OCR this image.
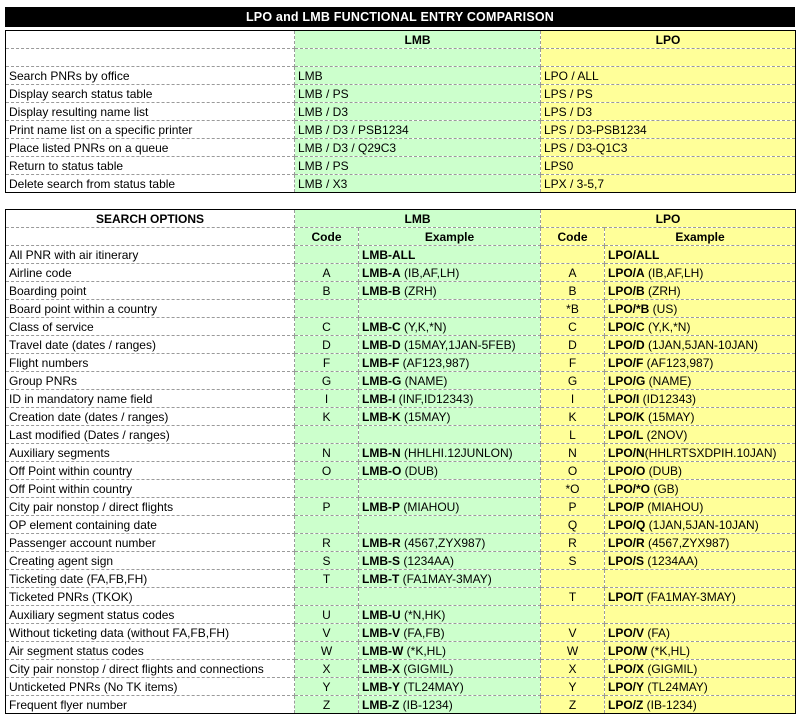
LPO and LMB FUNCTIONAL ENTRY COMPARISON
	LMB	LPO

Search PNRs by office	LMB	LPO / ALL
Display search status table	LMB / PS	LPS / PS
Display resulting name list	LMB / D3	LPS / D3
Print name list on a specific printer	LMB / D3 / PSB1234	LPS / D3-PSB1234
Place listed PNRs on a queue	LMB / D3 / Q29C3	LPS / D3-Q1C3
Return to status table	LMB / PS	LPS0
Delete search from status table	LMB / X3	LPX / 3-5,7
SEARCH OPTIONS	LMB		LPO	
	Code	Example	Code	Example
All PNR with air itinerary		LMB-ALL		LPO/ALL
Airline code	A	LMB-A (IB,AF,LH)	A	LPO/A (IB,AF,LH)
Boarding point	B	LMB-B (ZRH)	B	LPO/B (ZRH)
Board point within a country			*B	LPO/*B (US)
Class of service	C	LMB-C (Y,K,*N)	C	LPO/C (Y,K,*N)
Travel date (dates / ranges)	D	LMB-D (15MAY,1JAN-5FEB)	D	LPO/D (1JAN,5JAN-10JAN)
Flight numbers	F	LMB-F (AF123,987)	F	LPO/F (AF123,987)
Group PNRs	G	LMB-G (NAME)	G	LPO/G (NAME)
ID in mandatory name field	I	LMB-I (INF,ID12343)	I	LPO/I (ID12343)
Creation date (dates / ranges)	K	LMB-K (15MAY)	K	LPO/K (15MAY)
Last modified (Dates / ranges)			L	LPO/L (2NOV)
Auxiliary segments	N	LMB-N (HHLHI.12JUNLON)	N	LPO/N(HHLRTSXDPIH.10JAN)
Off Point within country	O	LMB-O (DUB)	O	LPO/O (DUB)
Off Point within country			*O	LPO/*O (GB)
City pair nonstop / direct flights	P	LMB-P (MIAHOU)	P	LPO/P (MIAHOU)
OP element containing date			Q	LPO/Q (1JAN,5JAN-10JAN)
Passenger account number	R	LMB-R (4567,ZYX987)	R	LPO/R (4567,ZYX987)
Creating agent sign	S	LMB-S (1234AA)	S	LPO/S (1234AA)
Ticketing date (FA,FB,FH)	T	LMB-T (FA1MAY-3MAY)		
Ticketed PNRs (TKOK)			T	LPO/T (FA1MAY-3MAY)
Auxiliary segment status codes	U	LMB-U (*N,HK)		
Without ticketing data (without FA,FB,FH)	V	LMB-V (FA,FB)	V	LPO/V (FA)
Air segment status codes	W	LMB-W (*K,HL)	W	LPO/W (*K,HL)
City pair nonstop / direct flights and connections	X	LMB-X (GIGMIL)	X	LPO/X (GIGMIL)
Unticketed PNRs (No TK items)	Y	LMB-Y (TL24MAY)	Y	LPO/Y (TL24MAY)
Frequent flyer number	Z	LMB-Z (IB-1234)	Z	LPO/Z (IB-1234)
